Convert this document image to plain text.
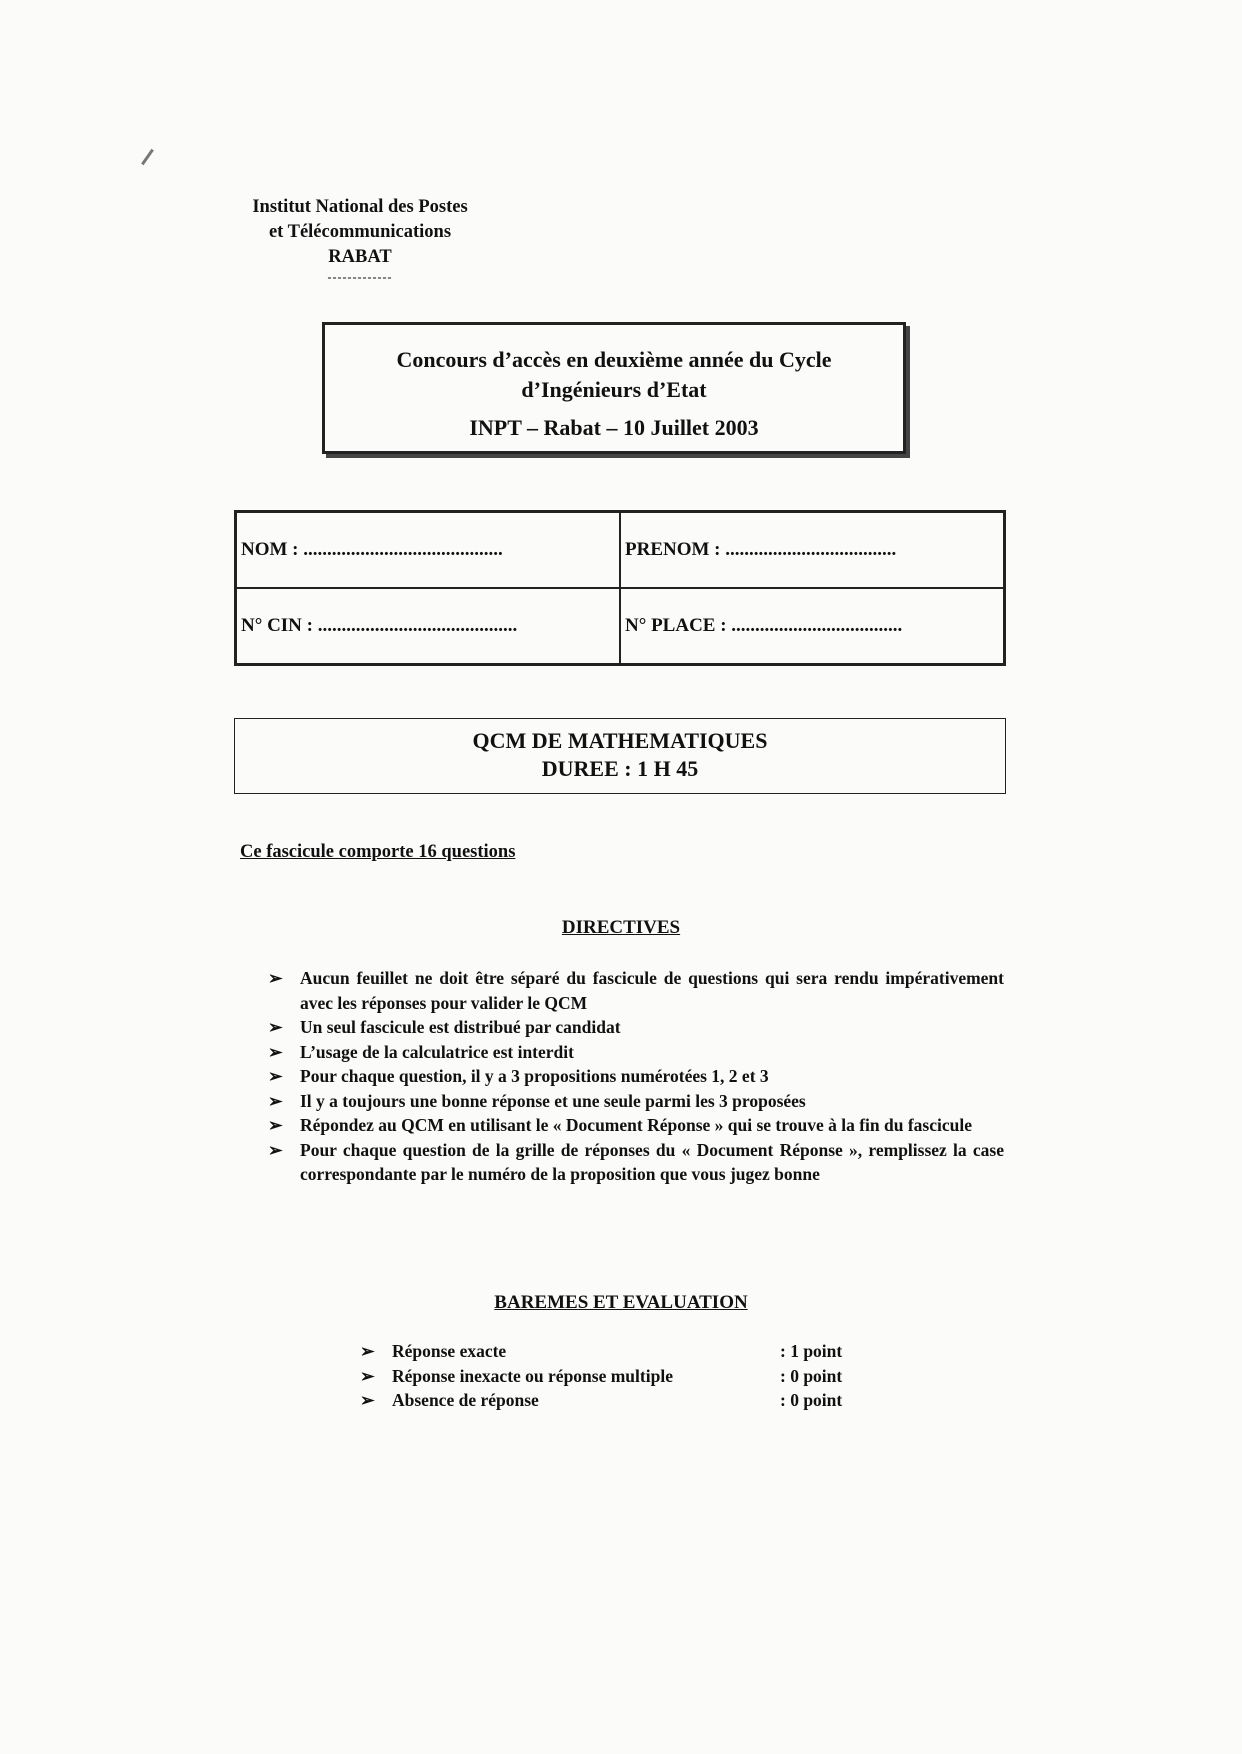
Institut National des Postes
et Télécommunications
RABAT
-------------
Concours d’accès en deuxième année du Cycle
d’Ingénieurs d’Etat
INPT – Rabat – 10 Juillet 2003
NOM : ..........................................	PRENOM : ....................................
N° CIN : ..........................................	N° PLACE : ....................................
QCM DE MATHEMATIQUES
DUREE : 1 H 45
Ce fascicule comporte 16 questions
DIRECTIVES
➢ Aucun feuillet ne doit être séparé du fascicule de questions qui sera rendu impérativement avec les réponses pour valider le QCM
➢ Un seul fascicule est distribué par candidat
➢ L’usage de la calculatrice est interdit
➢ Pour chaque question, il y a 3 propositions numérotées 1, 2 et 3
➢ Il y a toujours une bonne réponse et une seule parmi les 3 proposées
➢ Répondez au QCM en utilisant le « Document Réponse » qui se trouve à la fin du fascicule
➢ Pour chaque question de la grille de réponses du « Document Réponse », remplissez la case correspondante par le numéro de la proposition que vous jugez bonne
BAREMES ET EVALUATION
➢ Réponse exacte	: 1 point
➢ Réponse inexacte ou réponse multiple	: 0 point
➢ Absence de réponse	: 0 point
